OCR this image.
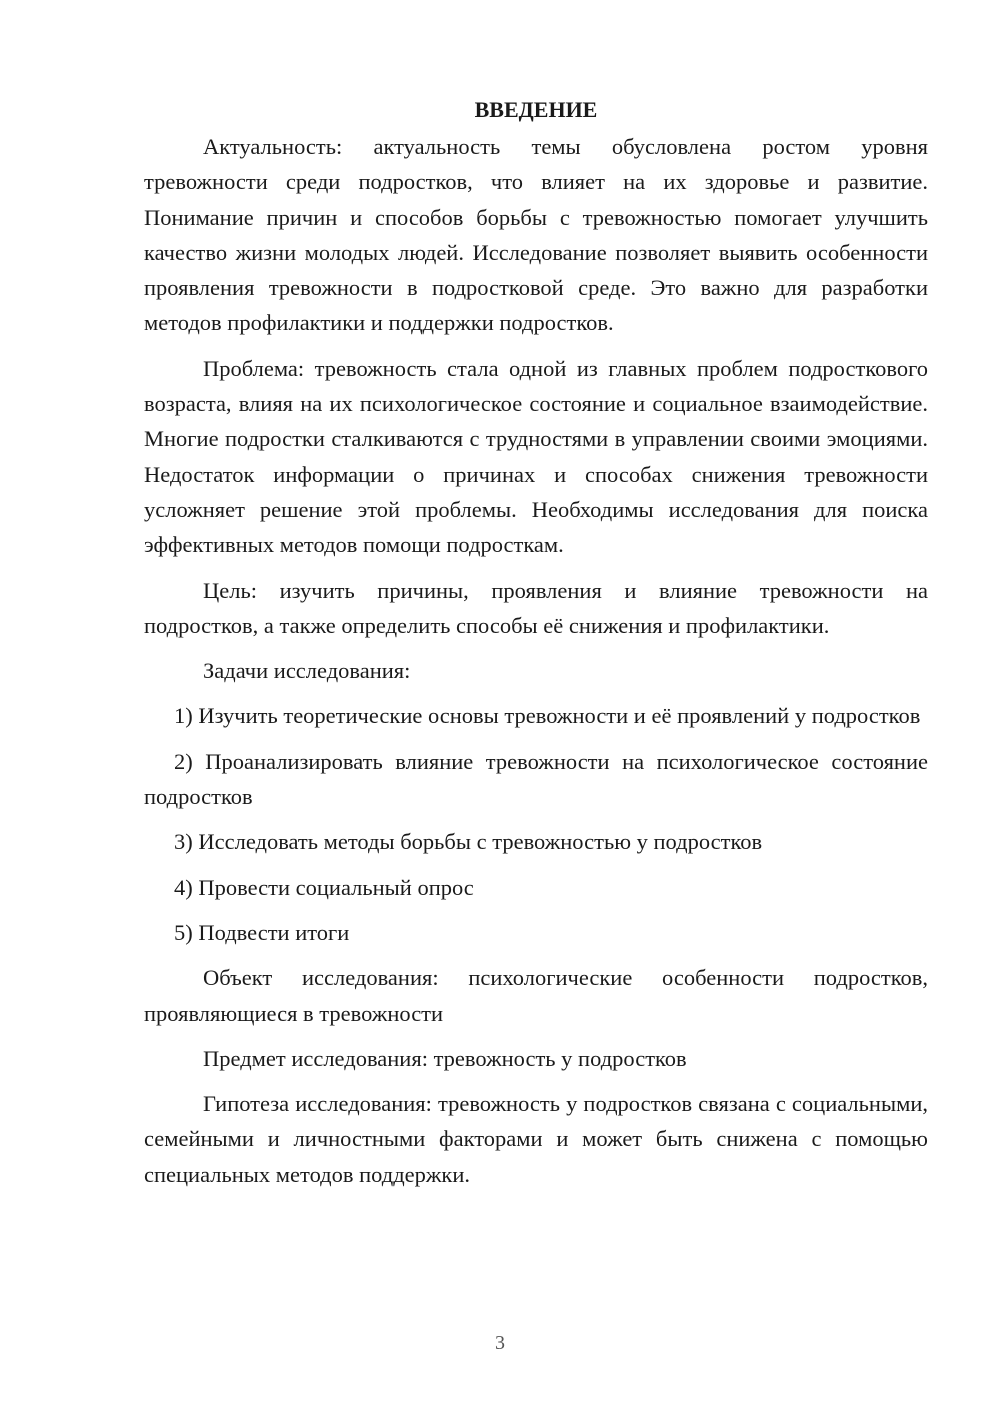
ВВЕДЕНИЕ

Актуальность: актуальность темы обусловлена ростом уровня тревожности среди подростков, что влияет на их здоровье и развитие. Понимание причин и способов борьбы с тревожностью помогает улучшить качество жизни молодых людей. Исследование позволяет выявить особенности проявления тревожности в подростковой среде. Это важно для разработки методов профилактики и поддержки подростков.

Проблема: тревожность стала одной из главных проблем подросткового возраста, влияя на их психологическое состояние и социальное взаимодействие. Многие подростки сталкиваются с трудностями в управлении своими эмоциями. Недостаток информации о причинах и способах снижения тревожности усложняет решение этой проблемы. Необходимы исследования для поиска эффективных методов помощи подросткам.

Цель: изучить причины, проявления и влияние тревожности на подростков, а также определить способы её снижения и профилактики.

Задачи исследования:

1) Изучить теоретические основы тревожности и её проявлений у подростков

2) Проанализировать влияние тревожности на психологическое состояние подростков

3) Исследовать методы борьбы с тревожностью у подростков

4) Провести социальный опрос

5) Подвести итоги

Объект исследования: психологические особенности подростков, проявляющиеся в тревожности

Предмет исследования: тревожность у подростков

Гипотеза исследования: тревожность у подростков связана с социальными, семейными и личностными факторами и может быть снижена с помощью специальных методов поддержки.

3
